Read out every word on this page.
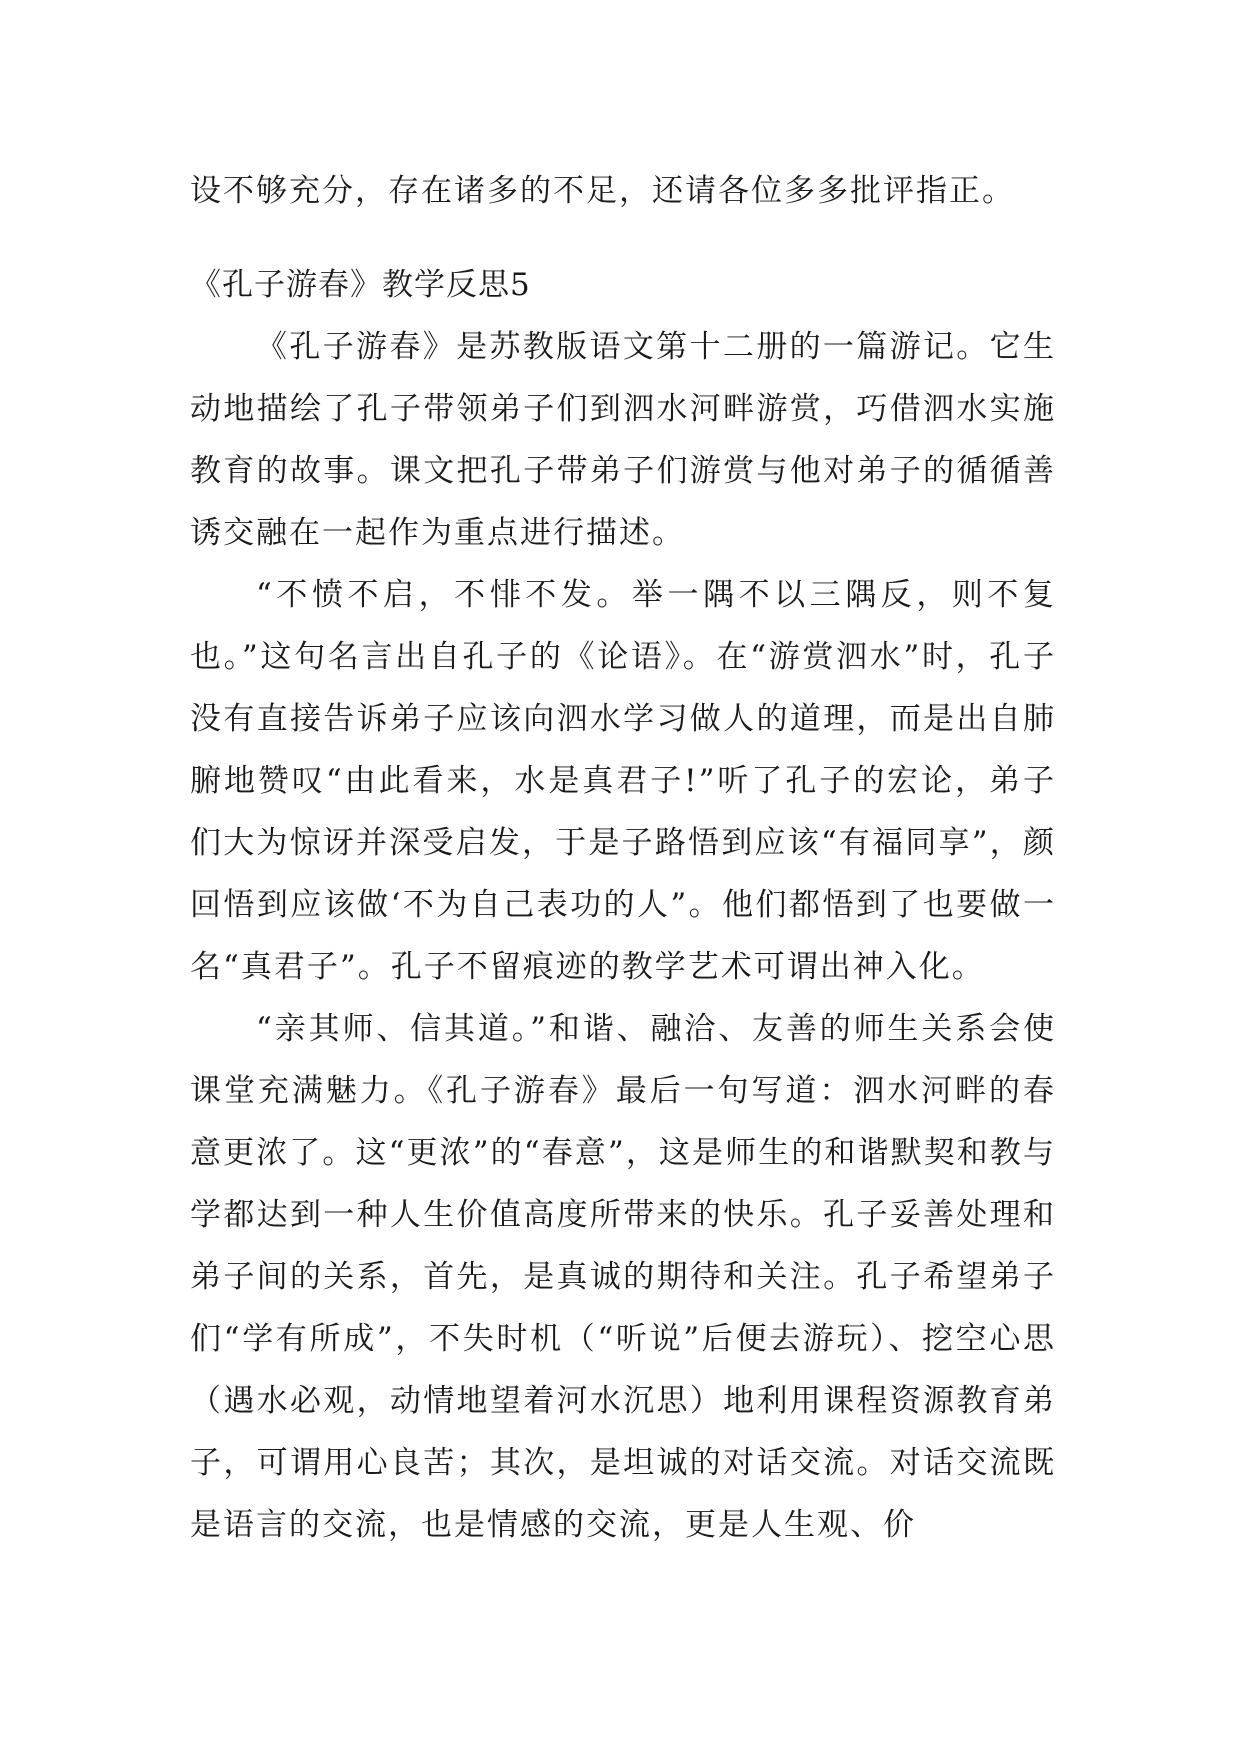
设不够充分，存在诸多的不足，还请各位多多批评指正。

《孔子游春》教学反思5

《孔子游春》是苏教版语文第十二册的一篇游记。它生动地描绘了孔子带领弟子们到泗水河畔游赏，巧借泗水实施教育的故事。课文把孔子带弟子们游赏与他对弟子的循循善诱交融在一起作为重点进行描述。

“不愤不启，不悱不发。举一隅不以三隅反，则不复也。”这句名言出自孔子的《论语》。在“游赏泗水”时，孔子没有直接告诉弟子应该向泗水学习做人的道理，而是出自肺腑地赞叹“由此看来，水是真君子!”听了孔子的宏论，弟子们大为惊讶并深受启发，于是子路悟到应该“有福同享”，颜回悟到应该做‘不为自己表功的人”。他们都悟到了也要做一名“真君子”。孔子不留痕迹的教学艺术可谓出神入化。

“亲其师、信其道。”和谐、融洽、友善的师生关系会使课堂充满魅力。《孔子游春》最后一句写道：泗水河畔的春意更浓了。这“更浓”的“春意”，这是师生的和谐默契和教与学都达到一种人生价值高度所带来的快乐。孔子妥善处理和弟子间的关系，首先，是真诚的期待和关注。孔子希望弟子们“学有所成”，不失时机（“听说”后便去游玩）、挖空心思（遇水必观，动情地望着河水沉思）地利用课程资源教育弟子，可谓用心良苦；其次，是坦诚的对话交流。对话交流既是语言的交流，也是情感的交流，更是人生观、价
